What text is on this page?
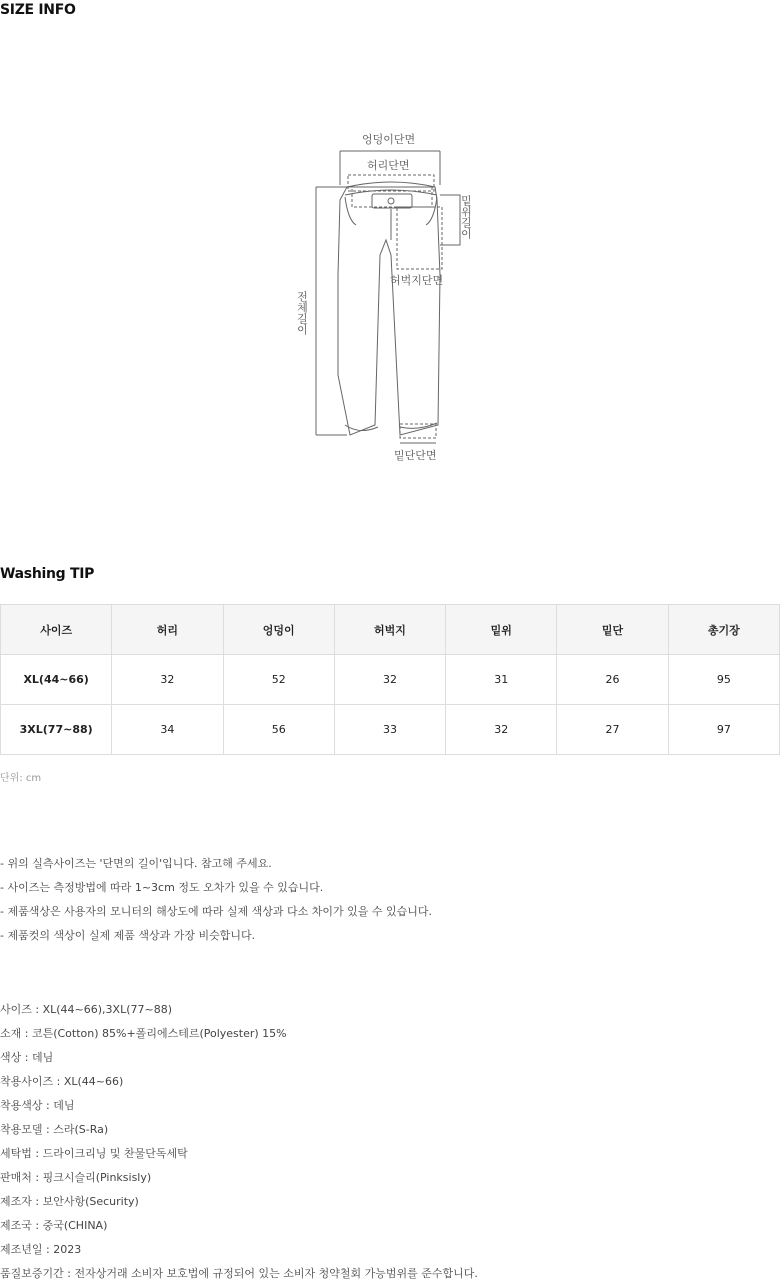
SIZE INFO
엉덩이단면
허리단면
허벅지단면
밑단단면
밑위길이
전체길이
Washing TIP
사이즈	허리	엉덩이	허벅지	밑위	밑단	총기장
XL(44~66)	32	52	32	31	26	95
3XL(77~88)	34	56	33	32	27	97
단위: cm
- 위의 실측사이즈는 '단면의 길이'입니다. 참고해 주세요.
- 사이즈는 측정방법에 따라 1~3cm 정도 오차가 있을 수 있습니다.
- 제품색상은 사용자의 모니터의 해상도에 따라 실제 색상과 다소 차이가 있을 수 있습니다.
- 제품컷의 색상이 실제 제품 색상과 가장 비슷합니다.
사이즈 : XL(44~66),3XL(77~88)
소재 : 코튼(Cotton) 85%+폴리에스테르(Polyester) 15%
색상 : 데님
착용사이즈 : XL(44~66)
착용색상 : 데님
착용모델 : 스라(S-Ra)
세탁법 : 드라이크리닝 및 찬물단독세탁
판매처 : 핑크시슬리(Pinksisly)
제조자 : 보안사항(Security)
제조국 : 중국(CHINA)
제조년일 : 2023
품질보증기간 : 전자상거래 소비자 보호법에 규정되어 있는 소비자 청약철회 가능범위를 준수합니다.
